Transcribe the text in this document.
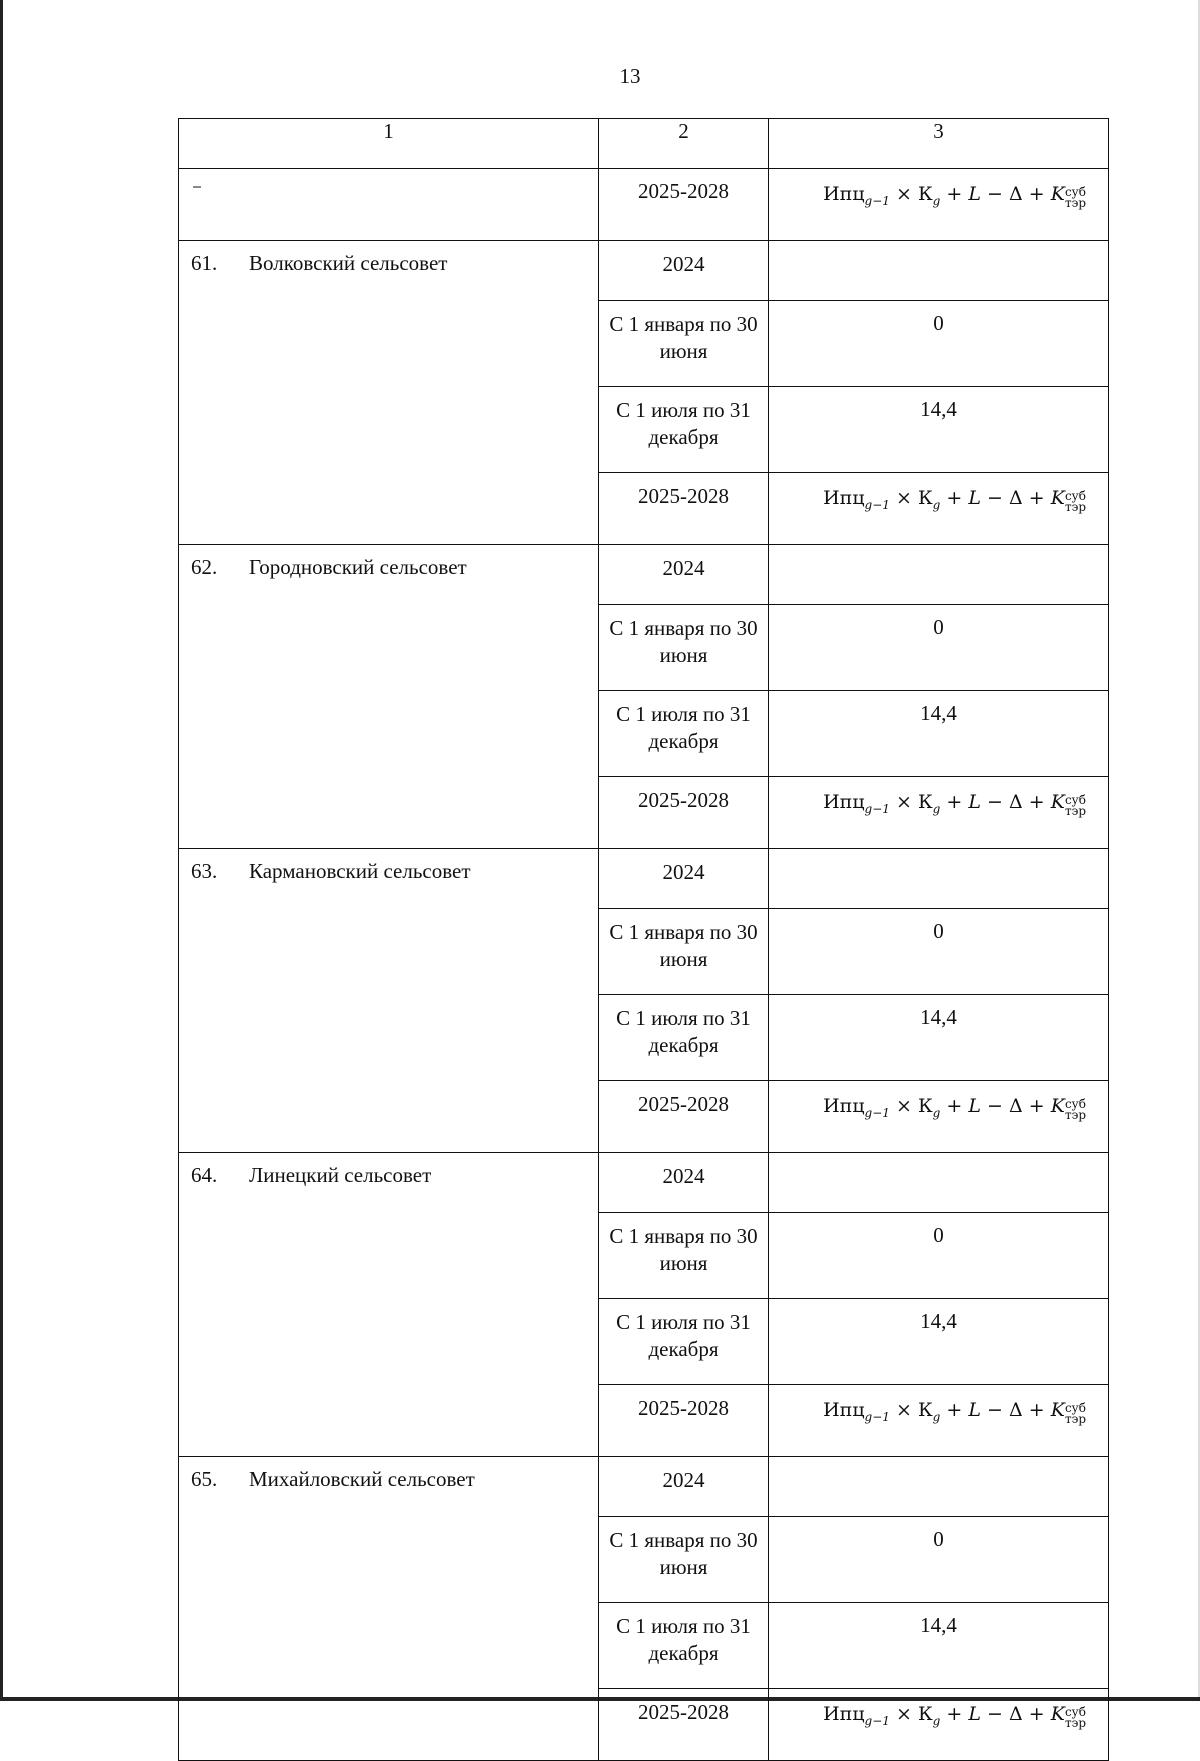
13
1	2	3
	2025-2028	$Ипц_{g-1} \times К_g + L - \Delta + K$ суб
тэр

61. Волковский сельсовет	2024	
	С 1 января по 30 июня	0
	С 1 июля по 31 декабря	14,4
	2025-2028	$Ипц_{g-1} \times К_g + L - \Delta + K$ суб
тэр

62. Городновский сельсовет	2024	
	С 1 января по 30 июня	0
	С 1 июля по 31 декабря	14,4
	2025-2028	$Ипц_{g-1} \times К_g + L - \Delta + K$ суб
тэр

63. Кармановский сельсовет	2024	
	С 1 января по 30 июня	0
	С 1 июля по 31 декабря	14,4
	2025-2028	$Ипц_{g-1} \times К_g + L - \Delta + K$ суб
тэр

64. Линецкий сельсовет	2024	
	С 1 января по 30 июня	0
	С 1 июля по 31 декабря	14,4
	2025-2028	$Ипц_{g-1} \times К_g + L - \Delta + K$ суб
тэр

65. Михайловский сельсовет	2024	
	С 1 января по 30 июня	0
	С 1 июля по 31 декабря	14,4
	2025-2028	$Ипц_{g-1} \times К_g + L - \Delta + K$ суб
тэр
